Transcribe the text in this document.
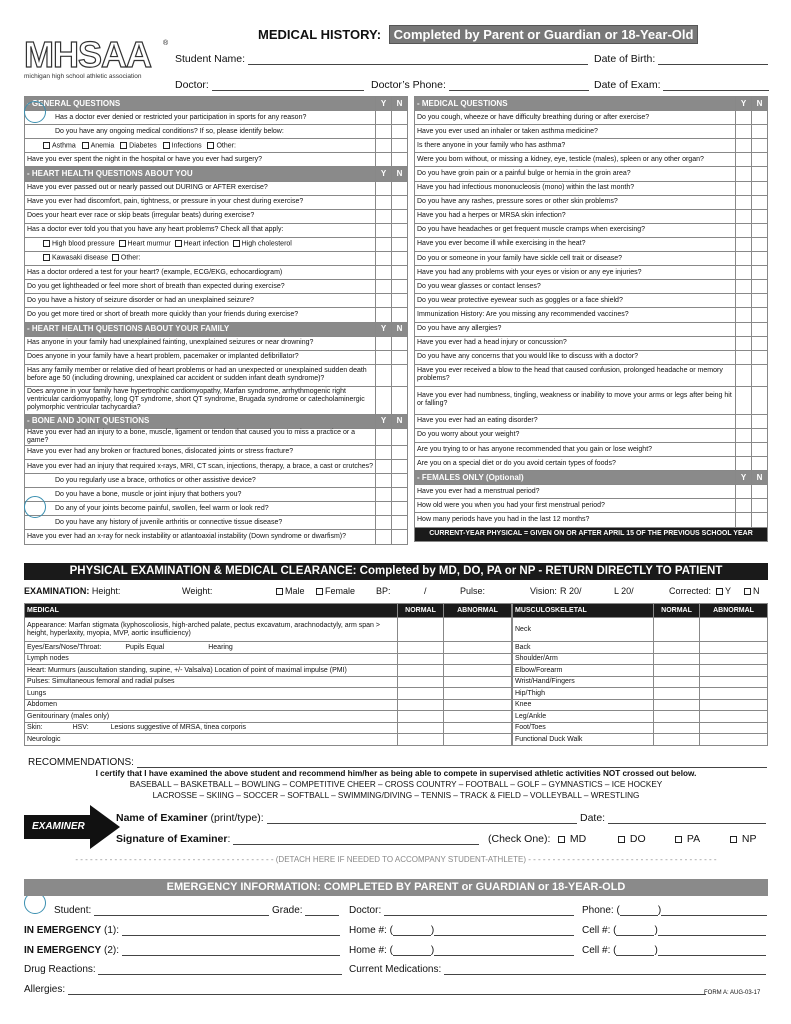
MHSAA
michigan high school athletic association
®
MEDICAL HISTORY: Completed by Parent or Guardian or 18-Year-Old
Student Name:	Date of Birth:
Doctor:	Doctor’s Phone:	Date of Exam:
- GENERAL QUESTIONS	Y	N
Has a doctor ever denied or restricted your participation in sports for any reason?		
Do you have any ongoing medical conditions? If so, please identify below:		
Asthma Anemia Diabetes Infections Other:		
Have you ever spent the night in the hospital or have you ever had surgery?		
- HEART HEALTH QUESTIONS ABOUT YOU	Y	N
Have you ever passed out or nearly passed out DURING or AFTER exercise?		
Have you ever had discomfort, pain, tightness, or pressure in your chest during exercise?		
Does your heart ever race or skip beats (irregular beats) during exercise?		
Has a doctor ever told you that you have any heart problems? Check all that apply:		
High blood pressure Heart murmur Heart infection High cholesterol		
Kawasaki disease Other:		
Has a doctor ordered a test for your heart? (example, ECG/EKG, echocardiogram)		
Do you get lightheaded or feel more short of breath than expected during exercise?		
Do you have a history of seizure disorder or had an unexplained seizure?		
Do you get more tired or short of breath more quickly than your friends during exercise?		
- HEART HEALTH QUESTIONS ABOUT YOUR FAMILY	Y	N
Has anyone in your family had unexplained fainting, unexplained seizures or near drowning?		
Does anyone in your family have a heart problem, pacemaker or implanted defibrillator?		
Has any family member or relative died of heart problems or had an unexpected or unexplained sudden death before age 50 (including drowning, unexplained car accident or sudden infant death syndrome)?		
Does anyone in your family have hypertrophic cardiomyopathy, Marfan syndrome, arrhythmogenic right ventricular cardiomyopathy, long QT syndrome, short QT syndrome, Brugada syndrome or catecholaminergic polymorphic ventricular tachycardia?		
- BONE AND JOINT QUESTIONS	Y	N
Have you ever had an injury to a bone, muscle, ligament or tendon that caused you to miss a practice or a game?		
Have you ever had any broken or fractured bones, dislocated joints or stress fracture?		
Have you ever had an injury that required x-rays, MRI, CT scan, injections, therapy, a brace, a cast or crutches?		
Do you regularly use a brace, orthotics or other assistive device?		
Do you have a bone, muscle or joint injury that bothers you?		
Do any of your joints become painful, swollen, feel warm or look red?		
Do you have any history of juvenile arthritis or connective tissue disease?		
Have you ever had an x-ray for neck instability or atlantoaxial instability (Down syndrome or dwarfism)?		
- MEDICAL QUESTIONS	Y	N
Do you cough, wheeze or have difficulty breathing during or after exercise?		
Have you ever used an inhaler or taken asthma medicine?		
Is there anyone in your family who has asthma?		
Were you born without, or missing a kidney, eye, testicle (males), spleen or any other organ?		
Do you have groin pain or a painful bulge or hernia in the groin area?		
Have you had infectious mononucleosis (mono) within the last month?		
Do you have any rashes, pressure sores or other skin problems?		
Have you had a herpes or MRSA skin infection?		
Do you have headaches or get frequent muscle cramps when exercising?		
Have you ever become ill while exercising in the heat?		
Do you or someone in your family have sickle cell trait or disease?		
Have you had any problems with your eyes or vision or any eye injuries?		
Do you wear glasses or contact lenses?		
Do you wear protective eyewear such as goggles or a face shield?		
Immunization History: Are you missing any recommended vaccines?		
Do you have any allergies?		
Have you ever had a head injury or concussion?		
Do you have any concerns that you would like to discuss with a doctor?		
Have you ever received a blow to the head that caused confusion, prolonged headache or memory problems?		
Have you ever had numbness, tingling, weakness or inability to move your arms or legs after being hit or falling?		
Have you ever had an eating disorder?		
Do you worry about your weight?		
Are you trying to or has anyone recommended that you gain or lose weight?		
Are you on a special diet or do you avoid certain types of foods?		
- FEMALES ONLY (Optional)	Y	N
Have you ever had a menstrual period?		
How old were you when you had your first menstrual period?		
How many periods have you had in the last 12 months?		
CURRENT-YEAR PHYSICAL = GIVEN ON OR AFTER APRIL 15 OF THE PREVIOUS SCHOOL YEAR		
PHYSICAL EXAMINATION & MEDICAL CLEARANCE: Completed by MD, DO, PA or NP - RETURN DIRECTLY TO PATIENT
EXAMINATION: Height:	Weight:	Male	Female BP:	/	Pulse:	Vision: R 20/	L 20/	Corrected:	Y	N
MEDICAL	NORMAL	ABNORMAL
Appearance: Marfan stigmata (kyphoscoliosis, high-arched palate, pectus excavatum, arachnodactyly, arm span > height, hyperlaxity, myopia, MVP, aortic insufficiency)		
Eyes/Ears/Nose/Throat: Pupils Equal Hearing		
Lymph nodes		
Heart: Murmurs (auscultation standing, supine, +/- Valsalva) Location of point of maximal impulse (PMI)		
Pulses: Simultaneous femoral and radial pulses		
Lungs		
Abdomen		
Genitourinary (males only)		
Skin: HSV: Lesions suggestive of MRSA, tinea corporis		
Neurologic		
MUSCULOSKELETAL	NORMAL	ABNORMAL
Neck		
Back		
Shoulder/Arm		
Elbow/Forearm		
Wrist/Hand/Fingers		
Hip/Thigh		
Knee		
Leg/Ankle		
Foot/Toes		
Functional Duck Walk		
RECOMMENDATIONS:
I certify that I have examined the above student and recommend him/her as being able to compete in supervised athletic activities NOT crossed out below.
BASEBALL – BASKETBALL – BOWLING – COMPETITIVE CHEER – CROSS COUNTRY – FOOTBALL – GOLF – GYMNASTICS – ICE HOCKEY
LACROSSE – SKIING – SOCCER – SOFTBALL – SWIMMING/DIVING – TENNIS – TRACK & FIELD – VOLLEYBALL – WRESTLING
EXAMINER
Name of Examiner (print/type):	Date:
Signature of Examiner:	(Check One):	MD	DO	PA	NP
- - - - - - - - - - - - - - - - - - - - - - - - - - - - - - - - - - - - - - - - - (DETACH HERE IF NEEDED TO ACCOMPANY STUDENT-ATHLETE) - - - - - - - - - - - - - - - - - - - - - - - - - - - - - - - - - - - - - - -
EMERGENCY INFORMATION: COMPLETED BY PARENT or GUARDIAN or 18-YEAR-OLD
Student:	Grade:	Doctor:	Phone: (	)
IN EMERGENCY (1):	Home #: (	)	Cell #: (	)
IN EMERGENCY (2):	Home #: (	)	Cell #: (	)
Drug Reactions:	Current Medications:
Allergies:	FORM A: AUG-03-17
